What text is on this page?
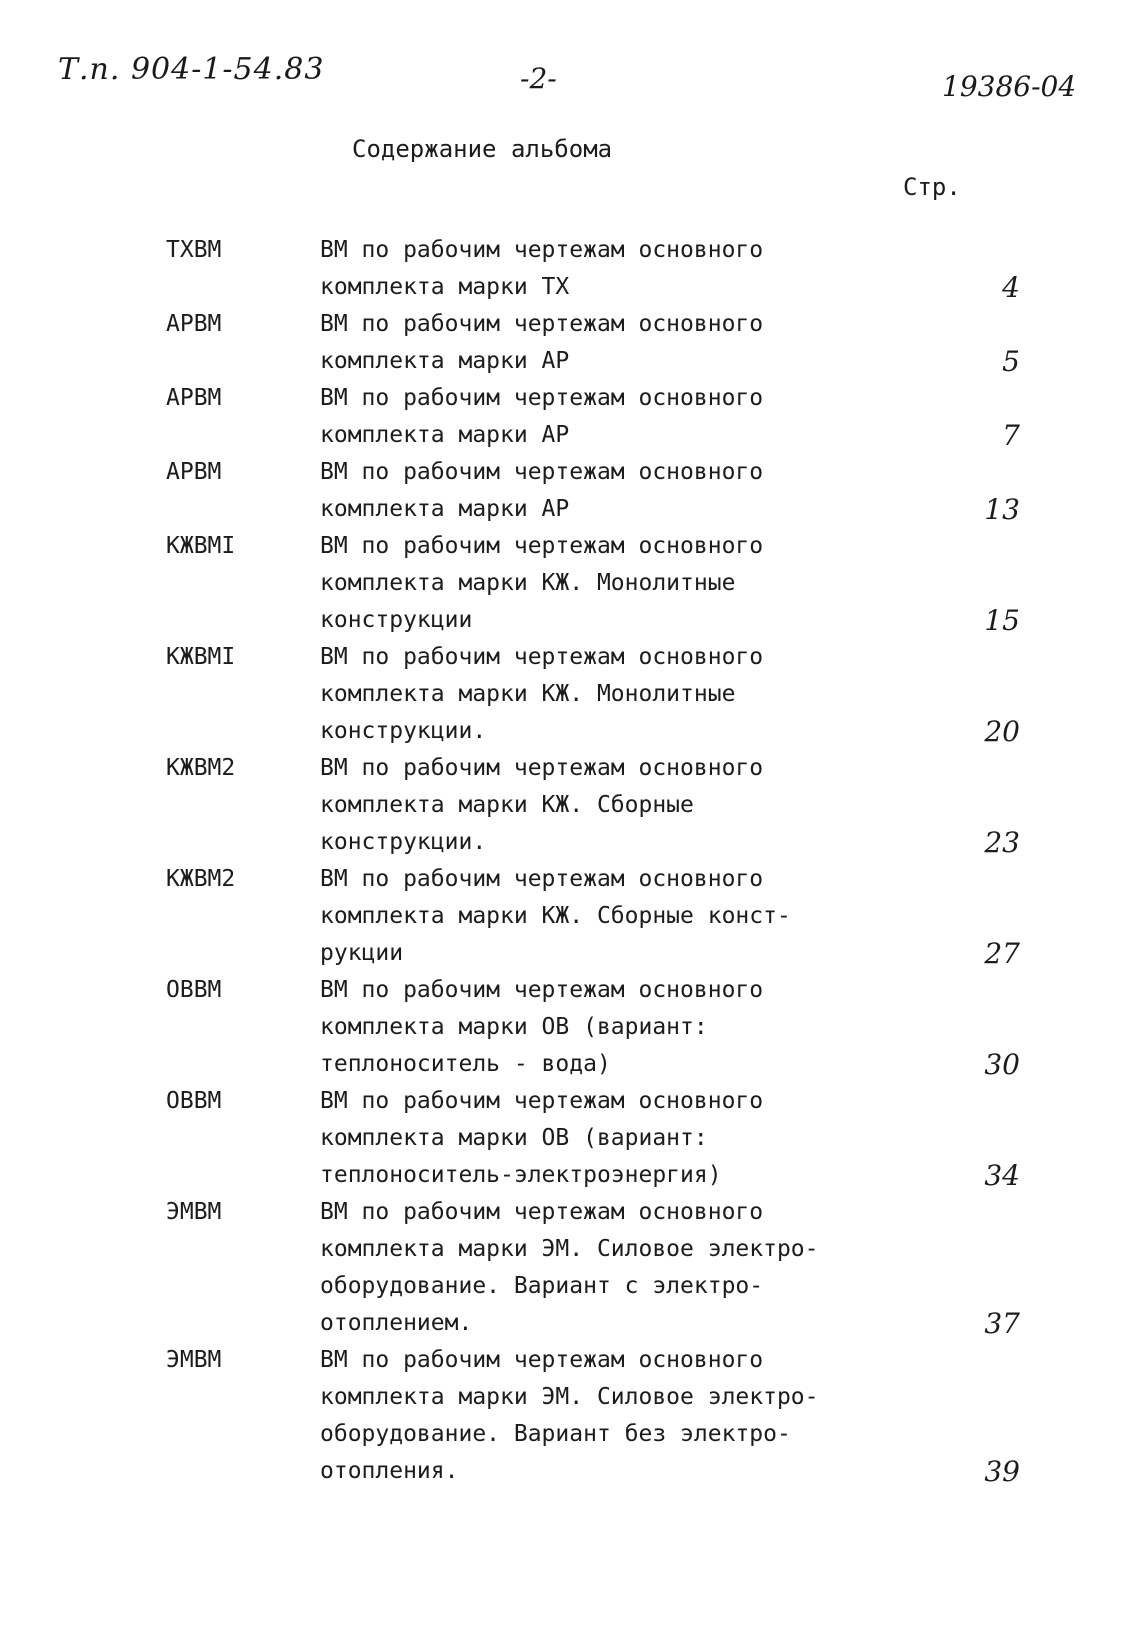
Т.п. 904-1-54.83	-2-	19386-04
Содержание альбома
Стр.
ТХВМ	ВМ по рабочим чертежам основного
комплекта марки ТХ	4
АРВМ	ВМ по рабочим чертежам основного
комплекта марки АР	5
АРВМ	ВМ по рабочим чертежам основного
комплекта марки АР	7
АРВМ	ВМ по рабочим чертежам основного
комплекта марки АР	13
КЖВМI	ВМ по рабочим чертежам основного
комплекта марки КЖ. Монолитные
конструкции	15
КЖВМI	ВМ по рабочим чертежам основного
комплекта марки КЖ. Монолитные
конструкции.	20
КЖВМ2	ВМ по рабочим чертежам основного
комплекта марки КЖ. Сборные
конструкции.	23
КЖВМ2	ВМ по рабочим чертежам основного
комплекта марки КЖ. Сборные конст-
рукции	27
ОВВМ	ВМ по рабочим чертежам основного
комплекта марки ОВ (вариант:
теплоноситель - вода)	30
ОВВМ	ВМ по рабочим чертежам основного
комплекта марки ОВ (вариант:
теплоноситель-электроэнергия)	34
ЭМВМ	ВМ по рабочим чертежам основного
комплекта марки ЭМ. Силовое электро-
оборудование. Вариант с электро-
отоплением.	37
ЭМВМ	ВМ по рабочим чертежам основного
комплекта марки ЭМ. Силовое электро-
оборудование. Вариант без электро-
отопления.	39
